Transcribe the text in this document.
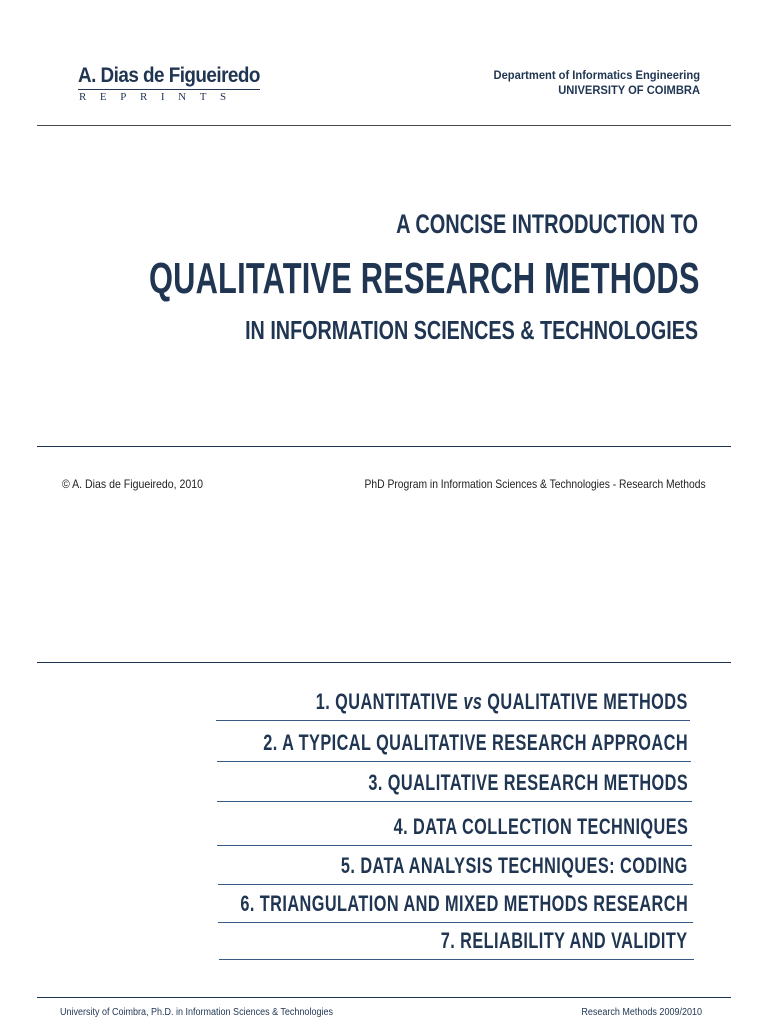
A. Dias de Figueiredo
REPRINTS
Department of Informatics Engineering
UNIVERSITY OF COIMBRA
A CONCISE INTRODUCTION TO
QUALITATIVE RESEARCH METHODS
IN INFORMATION SCIENCES & TECHNOLOGIES
© A. Dias de Figueiredo, 2010	PhD Program in Information Sciences & Technologies - Research Methods
1. QUANTITATIVE vs QUALITATIVE METHODS
2. A TYPICAL QUALITATIVE RESEARCH APPROACH
3. QUALITATIVE RESEARCH METHODS
4. DATA COLLECTION TECHNIQUES
5. DATA ANALYSIS TECHNIQUES: CODING
6. TRIANGULATION AND MIXED METHODS RESEARCH
7. RELIABILITY AND VALIDITY
University of Coimbra, Ph.D. in Information Sciences & Technologies	Research Methods 2009/2010
